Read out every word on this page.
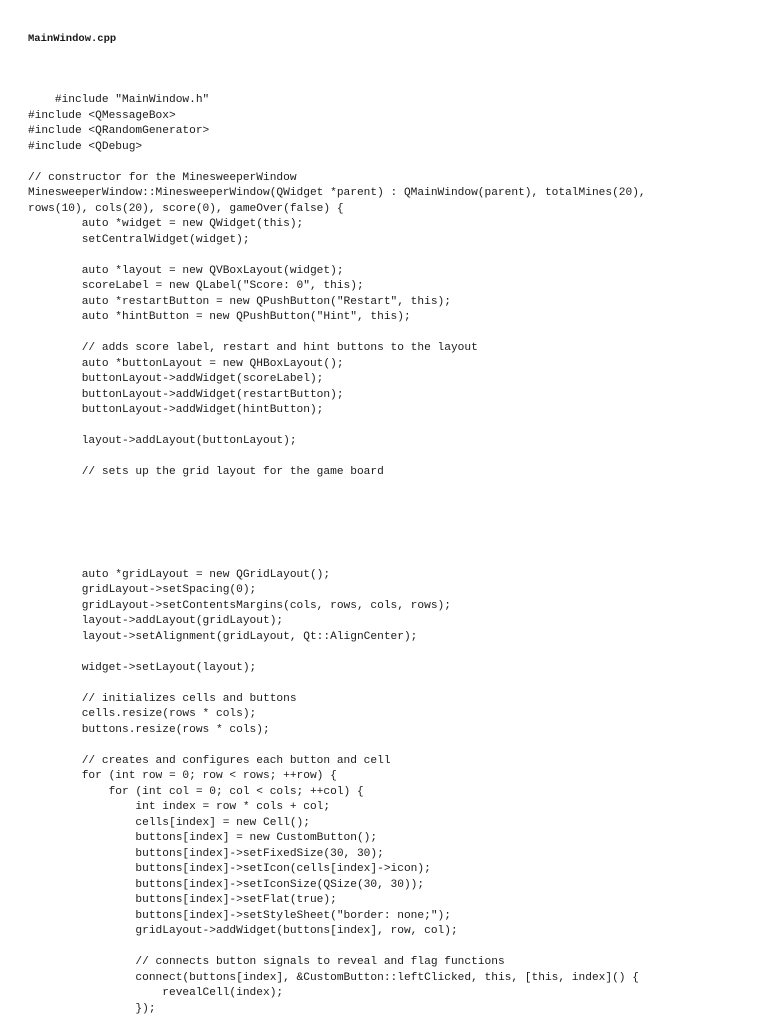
MainWindow.cpp
#include "MainWindow.h"
#include <QMessageBox>
#include <QRandomGenerator>
#include <QDebug>
// constructor for the MinesweeperWindow
MinesweeperWindow::MinesweeperWindow(QWidget *parent) : QMainWindow(parent), totalMines(20),
rows(10), cols(20), score(0), gameOver(false) {
auto *widget = new QWidget(this);
setCentralWidget(widget);
auto *layout = new QVBoxLayout(widget);
scoreLabel = new QLabel("Score: 0", this);
auto *restartButton = new QPushButton("Restart", this);
auto *hintButton = new QPushButton("Hint", this);
// adds score label, restart and hint buttons to the layout
auto *buttonLayout = new QHBoxLayout();
buttonLayout->addWidget(scoreLabel);
buttonLayout->addWidget(restartButton);
buttonLayout->addWidget(hintButton);
layout->addLayout(buttonLayout);
// sets up the grid layout for the game board
auto *gridLayout = new QGridLayout();
gridLayout->setSpacing(0);
gridLayout->setContentsMargins(cols, rows, cols, rows);
layout->addLayout(gridLayout);
layout->setAlignment(gridLayout, Qt::AlignCenter);
widget->setLayout(layout);
// initializes cells and buttons
cells.resize(rows * cols);
buttons.resize(rows * cols);
// creates and configures each button and cell
for (int row = 0; row < rows; ++row) {
for (int col = 0; col < cols; ++col) {
int index = row * cols + col;
cells[index] = new Cell();
buttons[index] = new CustomButton();
buttons[index]->setFixedSize(30, 30);
buttons[index]->setIcon(cells[index]->icon);
buttons[index]->setIconSize(QSize(30, 30));
buttons[index]->setFlat(true);
buttons[index]->setStyleSheet("border: none;");
gridLayout->addWidget(buttons[index], row, col);
// connects button signals to reveal and flag functions
connect(buttons[index], &CustomButton::leftClicked, this, [this, index]() {
revealCell(index);
});
